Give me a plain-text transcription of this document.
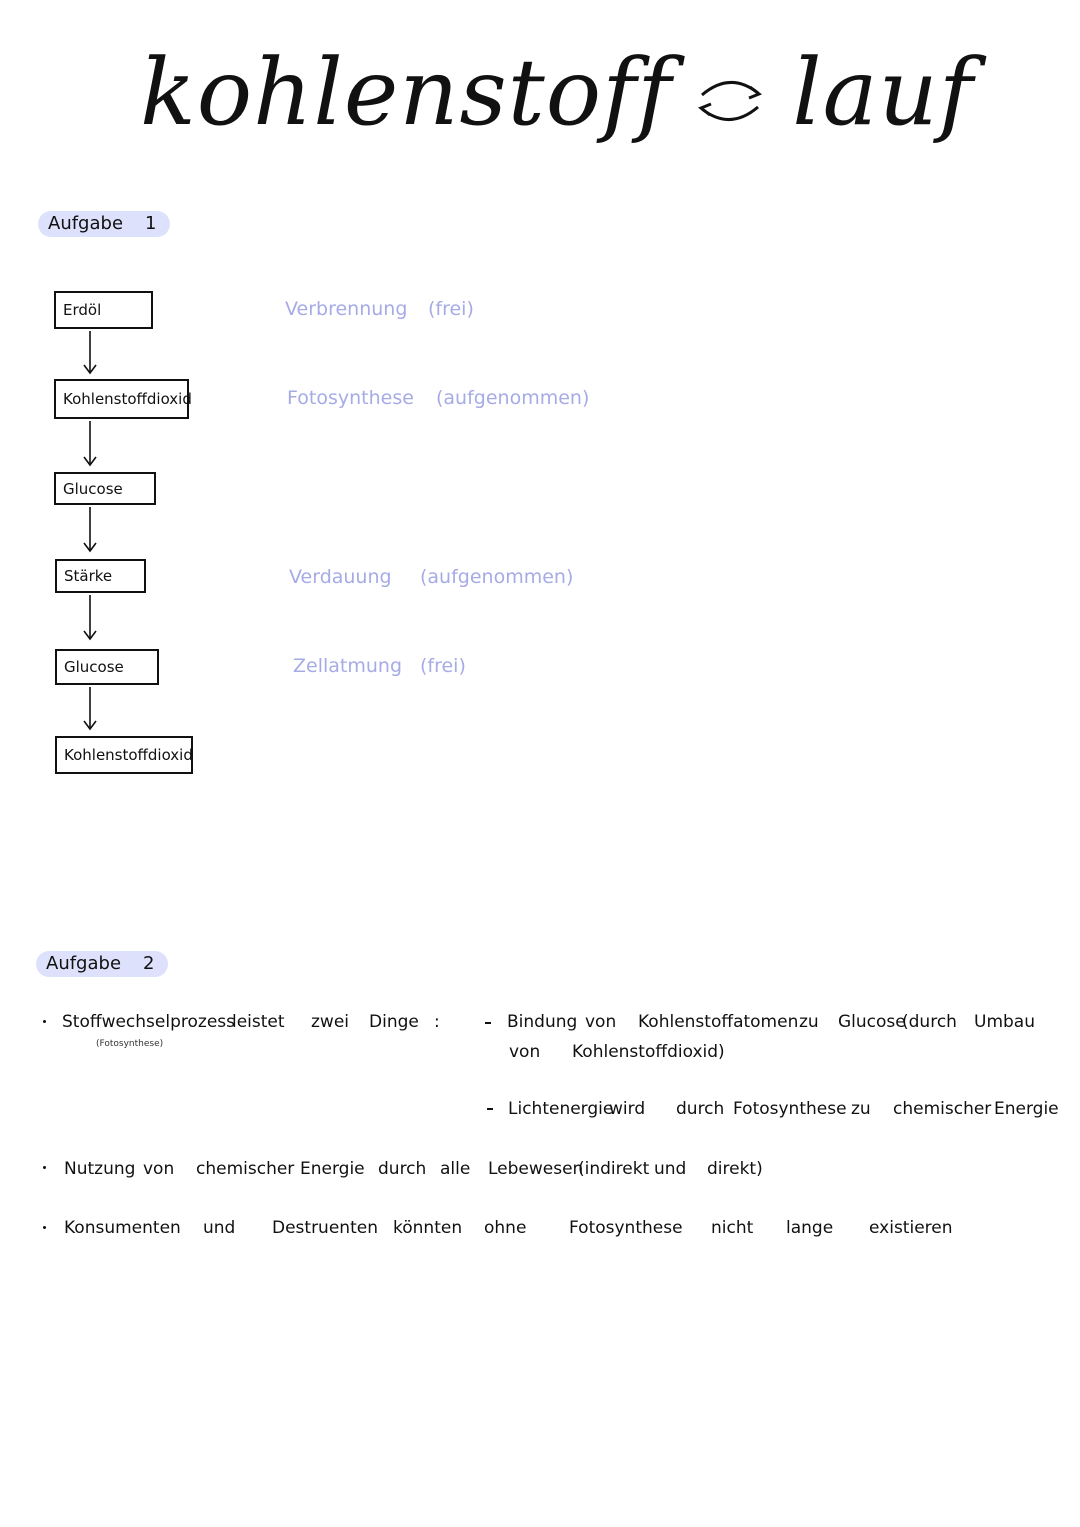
kohlenstoff lauf
Aufgabe 1
Erdöl
Kohlenstoffdioxid
Glucose
Stärke
Glucose
Kohlenstoffdioxid
Verbrennung (frei)
Fotosynthese (aufgenommen)
Verdauung (aufgenommen)
Zellatmung (frei)
Aufgabe 2
Stoffwechselprozess
(Fotosynthese)
leistet zwei Dinge :	Bindung von Kohlenstoffatomen zu Glucose
(durch Umbau
von Kohlenstoffdioxid)
Lichtenergie
wird durch Fotosynthese zu chemischer Energie
Nutzung von chemischer Energie durch alle Lebewesen
(indirekt und direkt)
Konsumenten und Destruenten könnten ohne	Fotosynthese nicht lange existieren
